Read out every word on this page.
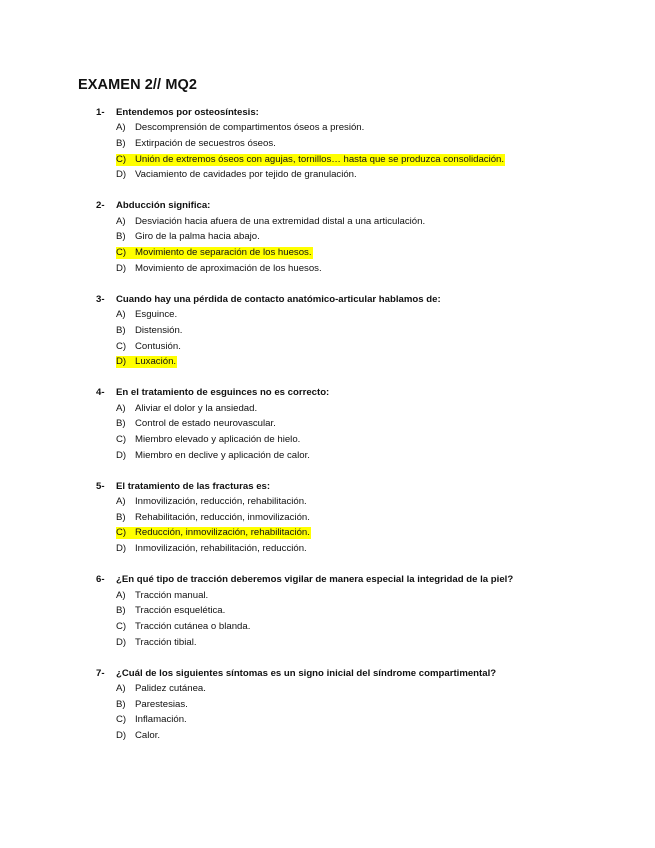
EXAMEN 2// MQ2
1-	Entendemos por osteosíntesis:
A) Descomprensión de compartimentos óseos a presión.
B) Extirpación de secuestros óseos.
C) Unión de extremos óseos con agujas, tornillos… hasta que se produzca consolidación.
D) Vaciamiento de cavidades por tejido de granulación.
2-	Abducción significa:
A) Desviación hacia afuera de una extremidad distal a una articulación.
B) Giro de la palma hacia abajo.
C) Movimiento de separación de los huesos.
D) Movimiento de aproximación de los huesos.
3-	Cuando hay una pérdida de contacto anatómico-articular hablamos de:
A) Esguince.
B) Distensión.
C) Contusión.
D) Luxación.
4-	En el tratamiento de esguinces no es correcto:
A) Aliviar el dolor y la ansiedad.
B) Control de estado neurovascular.
C) Miembro elevado y aplicación de hielo.
D) Miembro en declive y aplicación de calor.
5-	El tratamiento de las fracturas es:
A) Inmovilización, reducción, rehabilitación.
B) Rehabilitación, reducción, inmovilización.
C) Reducción, inmovilización, rehabilitación.
D) Inmovilización, rehabilitación, reducción.
6-	¿En qué tipo de tracción deberemos vigilar de manera especial la integridad de la piel?
A) Tracción manual.
B) Tracción esquelética.
C) Tracción cutánea o blanda.
D) Tracción tibial.
7-	¿Cuál de los siguientes síntomas es un signo inicial del síndrome compartimental?
A) Palidez cutánea.
B) Parestesias.
C) Inflamación.
D) Calor.
